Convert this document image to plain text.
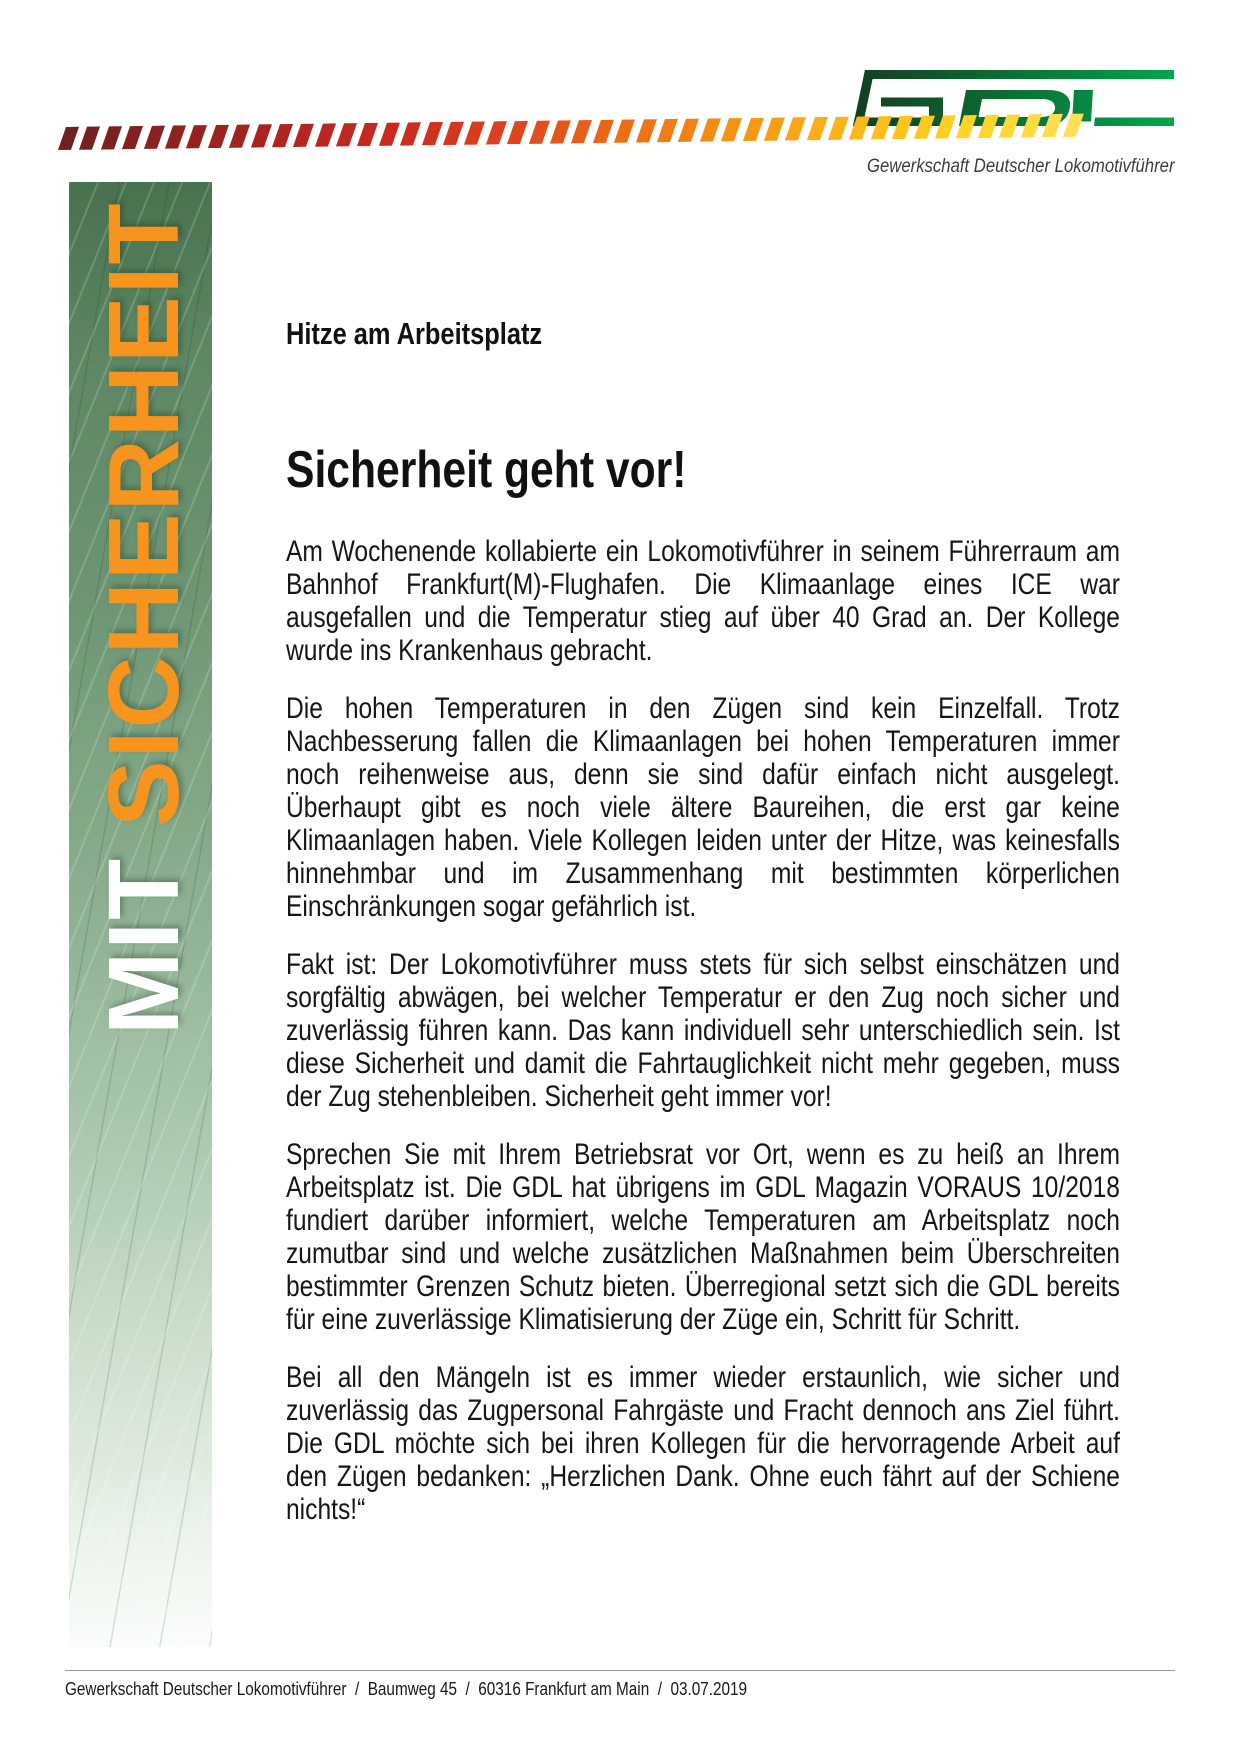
Gewerkschaft Deutscher Lokomotivführer
MIT SICHERHEIT	Hitze am Arbeitsplatz
Sicherheit geht vor!

Am Wochenende kollabierte ein Lokomotivführer in seinem Führerraum am Bahnhof Frankfurt(M)-Flughafen. Die Klimaanlage eines ICE war ausgefallen und die Temperatur stieg auf über 40 Grad an. Der Kollege wurde ins Krankenhaus gebracht.

Die hohen Temperaturen in den Zügen sind kein Einzelfall. Trotz Nachbesserung fallen die Klimaanlagen bei hohen Temperaturen immer noch reihenweise aus, denn sie sind dafür einfach nicht ausgelegt. Überhaupt gibt es noch viele ältere Baureihen, die erst gar keine Klimaanlagen haben. Viele Kollegen leiden unter der Hitze, was keinesfalls hinnehmbar und im Zusammenhang mit bestimmten körperlichen Einschränkungen sogar gefährlich ist.

Fakt ist: Der Lokomotivführer muss stets für sich selbst einschätzen und sorgfältig abwägen, bei welcher Temperatur er den Zug noch sicher und zuverlässig führen kann. Das kann individuell sehr unterschiedlich sein. Ist diese Sicherheit und damit die Fahrtauglichkeit nicht mehr gegeben, muss der Zug stehenbleiben. Sicherheit geht immer vor!

Sprechen Sie mit Ihrem Betriebsrat vor Ort, wenn es zu heiß an Ihrem Arbeitsplatz ist. Die GDL hat übrigens im GDL Magazin VORAUS 10/2018 fundiert darüber informiert, welche Temperaturen am Arbeitsplatz noch zumutbar sind und welche zusätzlichen Maßnahmen beim Überschreiten bestimmter Grenzen Schutz bieten. Überregional setzt sich die GDL bereits für eine zuverlässige Klimatisierung der Züge ein, Schritt für Schritt.

Bei all den Mängeln ist es immer wieder erstaunlich, wie sicher und zuverlässig das Zugpersonal Fahrgäste und Fracht dennoch ans Ziel führt. Die GDL möchte sich bei ihren Kollegen für die hervorragende Arbeit auf den Zügen bedanken: „Herzlichen Dank. Ohne euch fährt auf der Schiene nichts!“

Gewerkschaft Deutscher Lokomotivführer  /  Baumweg 45  /  60316 Frankfurt am Main  /  03.07.2019
